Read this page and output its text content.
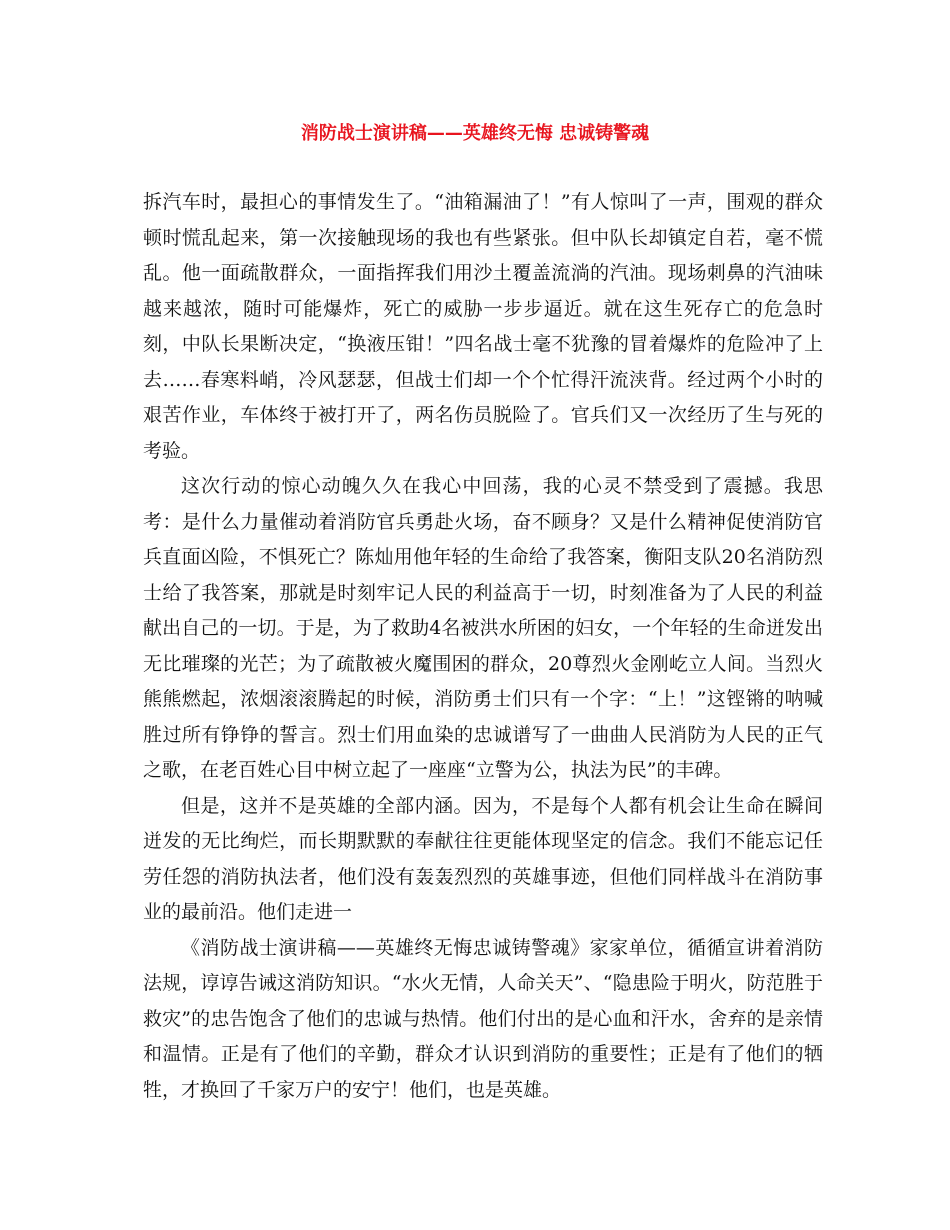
消防战士演讲稿——英雄终无悔 忠诚铸警魂

拆汽车时，最担心的事情发生了。“油箱漏油了！”有人惊叫了一声，围观的群众顿时慌乱起来，第一次接触现场的我也有些紧张。但中队长却镇定自若，毫不慌乱。他一面疏散群众，一面指挥我们用沙土覆盖流淌的汽油。现场刺鼻的汽油味越来越浓，随时可能爆炸，死亡的威胁一步步逼近。就在这生死存亡的危急时刻，中队长果断决定，“换液压钳！”四名战士毫不犹豫的冒着爆炸的危险冲了上去……春寒料峭，冷风瑟瑟，但战士们却一个个忙得汗流浃背。经过两个小时的艰苦作业，车体终于被打开了，两名伤员脱险了。官兵们又一次经历了生与死的考验。

这次行动的惊心动魄久久在我心中回荡，我的心灵不禁受到了震撼。我思考：是什么力量催动着消防官兵勇赴火场，奋不顾身？又是什么精神促使消防官兵直面凶险，不惧死亡？陈灿用他年轻的生命给了我答案，衡阳支队20名消防烈士给了我答案，那就是时刻牢记人民的利益高于一切，时刻准备为了人民的利益献出自己的一切。于是，为了救助4名被洪水所困的妇女，一个年轻的生命迸发出无比璀璨的光芒；为了疏散被火魔围困的群众，20尊烈火金刚屹立人间。当烈火熊熊燃起，浓烟滚滚腾起的时候，消防勇士们只有一个字：“上！”这铿锵的呐喊胜过所有铮铮的誓言。烈士们用血染的忠诚谱写了一曲曲人民消防为人民的正气之歌，在老百姓心目中树立起了一座座“立警为公，执法为民”的丰碑。

但是，这并不是英雄的全部内涵。因为，不是每个人都有机会让生命在瞬间迸发的无比绚烂，而长期默默的奉献往往更能体现坚定的信念。我们不能忘记任劳任怨的消防执法者，他们没有轰轰烈烈的英雄事迹，但他们同样战斗在消防事业的最前沿。他们走进一

《消防战士演讲稿——英雄终无悔忠诚铸警魂》家家单位，循循宣讲着消防法规，谆谆告诫这消防知识。“水火无情，人命关天”、“隐患险于明火，防范胜于救灾”的忠告饱含了他们的忠诚与热情。他们付出的是心血和汗水，舍弃的是亲情和温情。正是有了他们的辛勤，群众才认识到消防的重要性；正是有了他们的牺牲，才换回了千家万户的安宁！他们，也是英雄。
